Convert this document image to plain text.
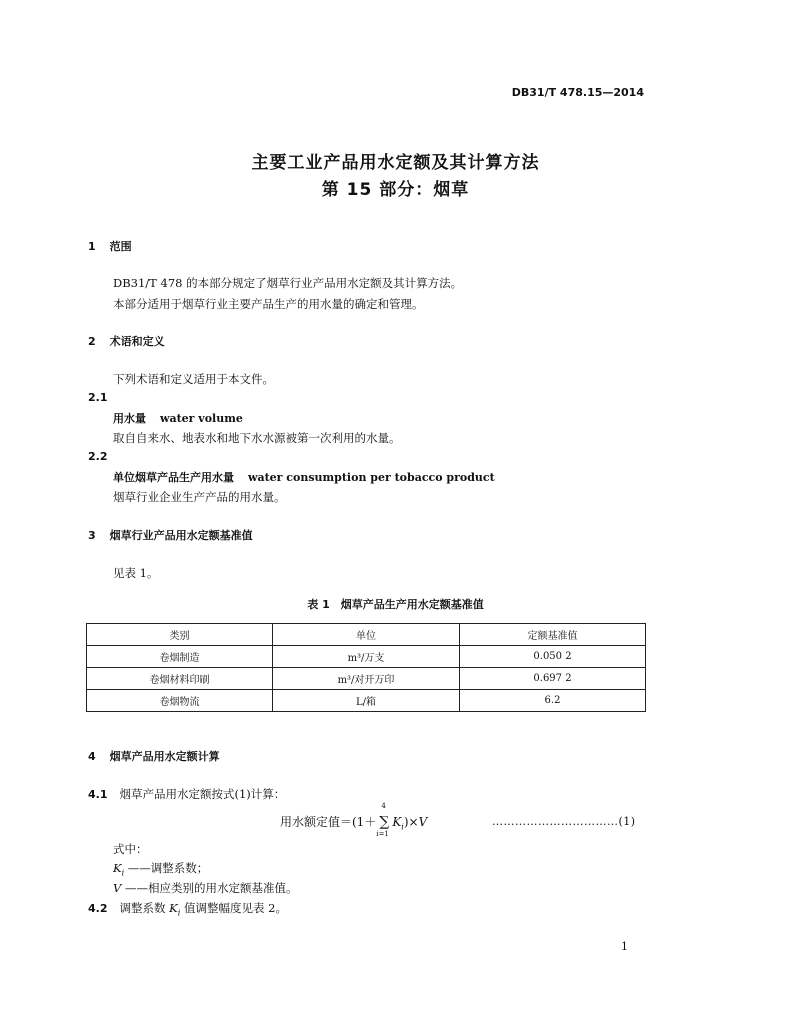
DB31/T 478.15—2014
主要工业产品用水定额及其计算方法
第 15 部分：烟草
1 范围
DB31/T 478 的本部分规定了烟草行业产品用水定额及其计算方法。
本部分适用于烟草行业主要产品生产的用水量的确定和管理。
2 术语和定义
下列术语和定义适用于本文件。
2.1
用水量 water volume
取自自来水、地表水和地下水水源被第一次利用的水量。
2.2
单位烟草产品生产用水量 water consumption per tobacco product
烟草行业企业生产产品的用水量。
3 烟草行业产品用水定额基准值
见表 1。
表 1　烟草产品生产用水定额基准值
类别	单位	定额基准值
卷烟制造	m³/万支	0.050 2
卷烟材料印刷	m³/对开万印	0.697 2
卷烟物流	L/箱	6.2
4 烟草产品用水定额计算
4.1 烟草产品用水定额按式(1)计算：
用水额定值＝(1＋ ∑
4
i=1
$K_i)\times V$	……………………………(1)
式中：
$K_i$ ——调整系数；
V ——相应类别的用水定额基准值。
4.2 调整系数 $K_i$ 值调整幅度见表 2。
1
